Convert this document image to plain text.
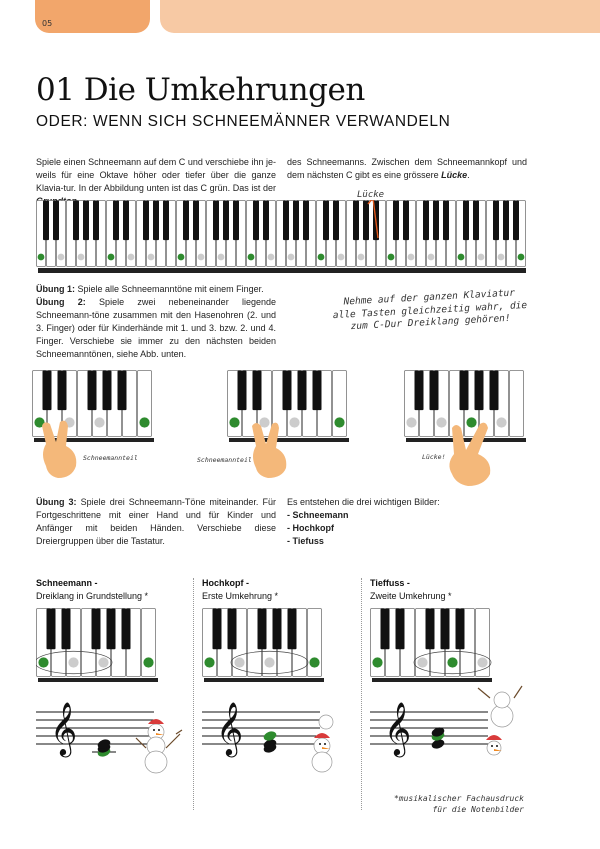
05
01 Die Umkehrungen
ODER: WENN SICH SCHNEEMÄNNER VERWANDELN
Spiele einen Schneemann auf dem C und verschiebe ihn je-weils für eine Oktave höher oder tiefer über die ganze Klavia-tur. In der Abbildung unten ist das C grün. Das ist der
des Schneemanns. Zwischen dem Schneemannkopf und dem nächsten C gibt es eine grössere Lücke.
Lücke
Übung 1: Spiele alle Schneemanntöne mit einem Finger.
Übung 2: Spiele zwei nebeneinander liegende Schneemann-töne zusammen mit den Hasenohren (2. und 3. Finger) oder für Kinderhände mit 1. und 3. bzw. 2. und 4. Finger. Verschiebe sie immer zu den nächsten beiden Schneemanntönen, siehe Abb. unten.
Nehme auf der ganzen Klaviatur alle Tasten gleichzeitig wahr, die zum C-Dur Dreiklang gehören!
Schneemannteil	Schneemannteil	Lücke!
Übung 3: Spiele drei Schneemann-Töne miteinander. Für Fortgeschrittene mit einer Hand und für Kinder und Anfänger mit beiden Händen. Verschiebe diese Dreiergruppen über die Tastatur.
Es entstehen die drei wichtigen Bilder:
- Schneemann
- Hochkopf
- Tiefuss
Schneemann -
Dreiklang in Grundstellung *
Hochkopf -
Erste Umkehrung *
Tieffuss -
Zweite Umkehrung *
𝄞	𝄞	𝄞
*musikalischer Fachausdruck
für die Notenbilder
